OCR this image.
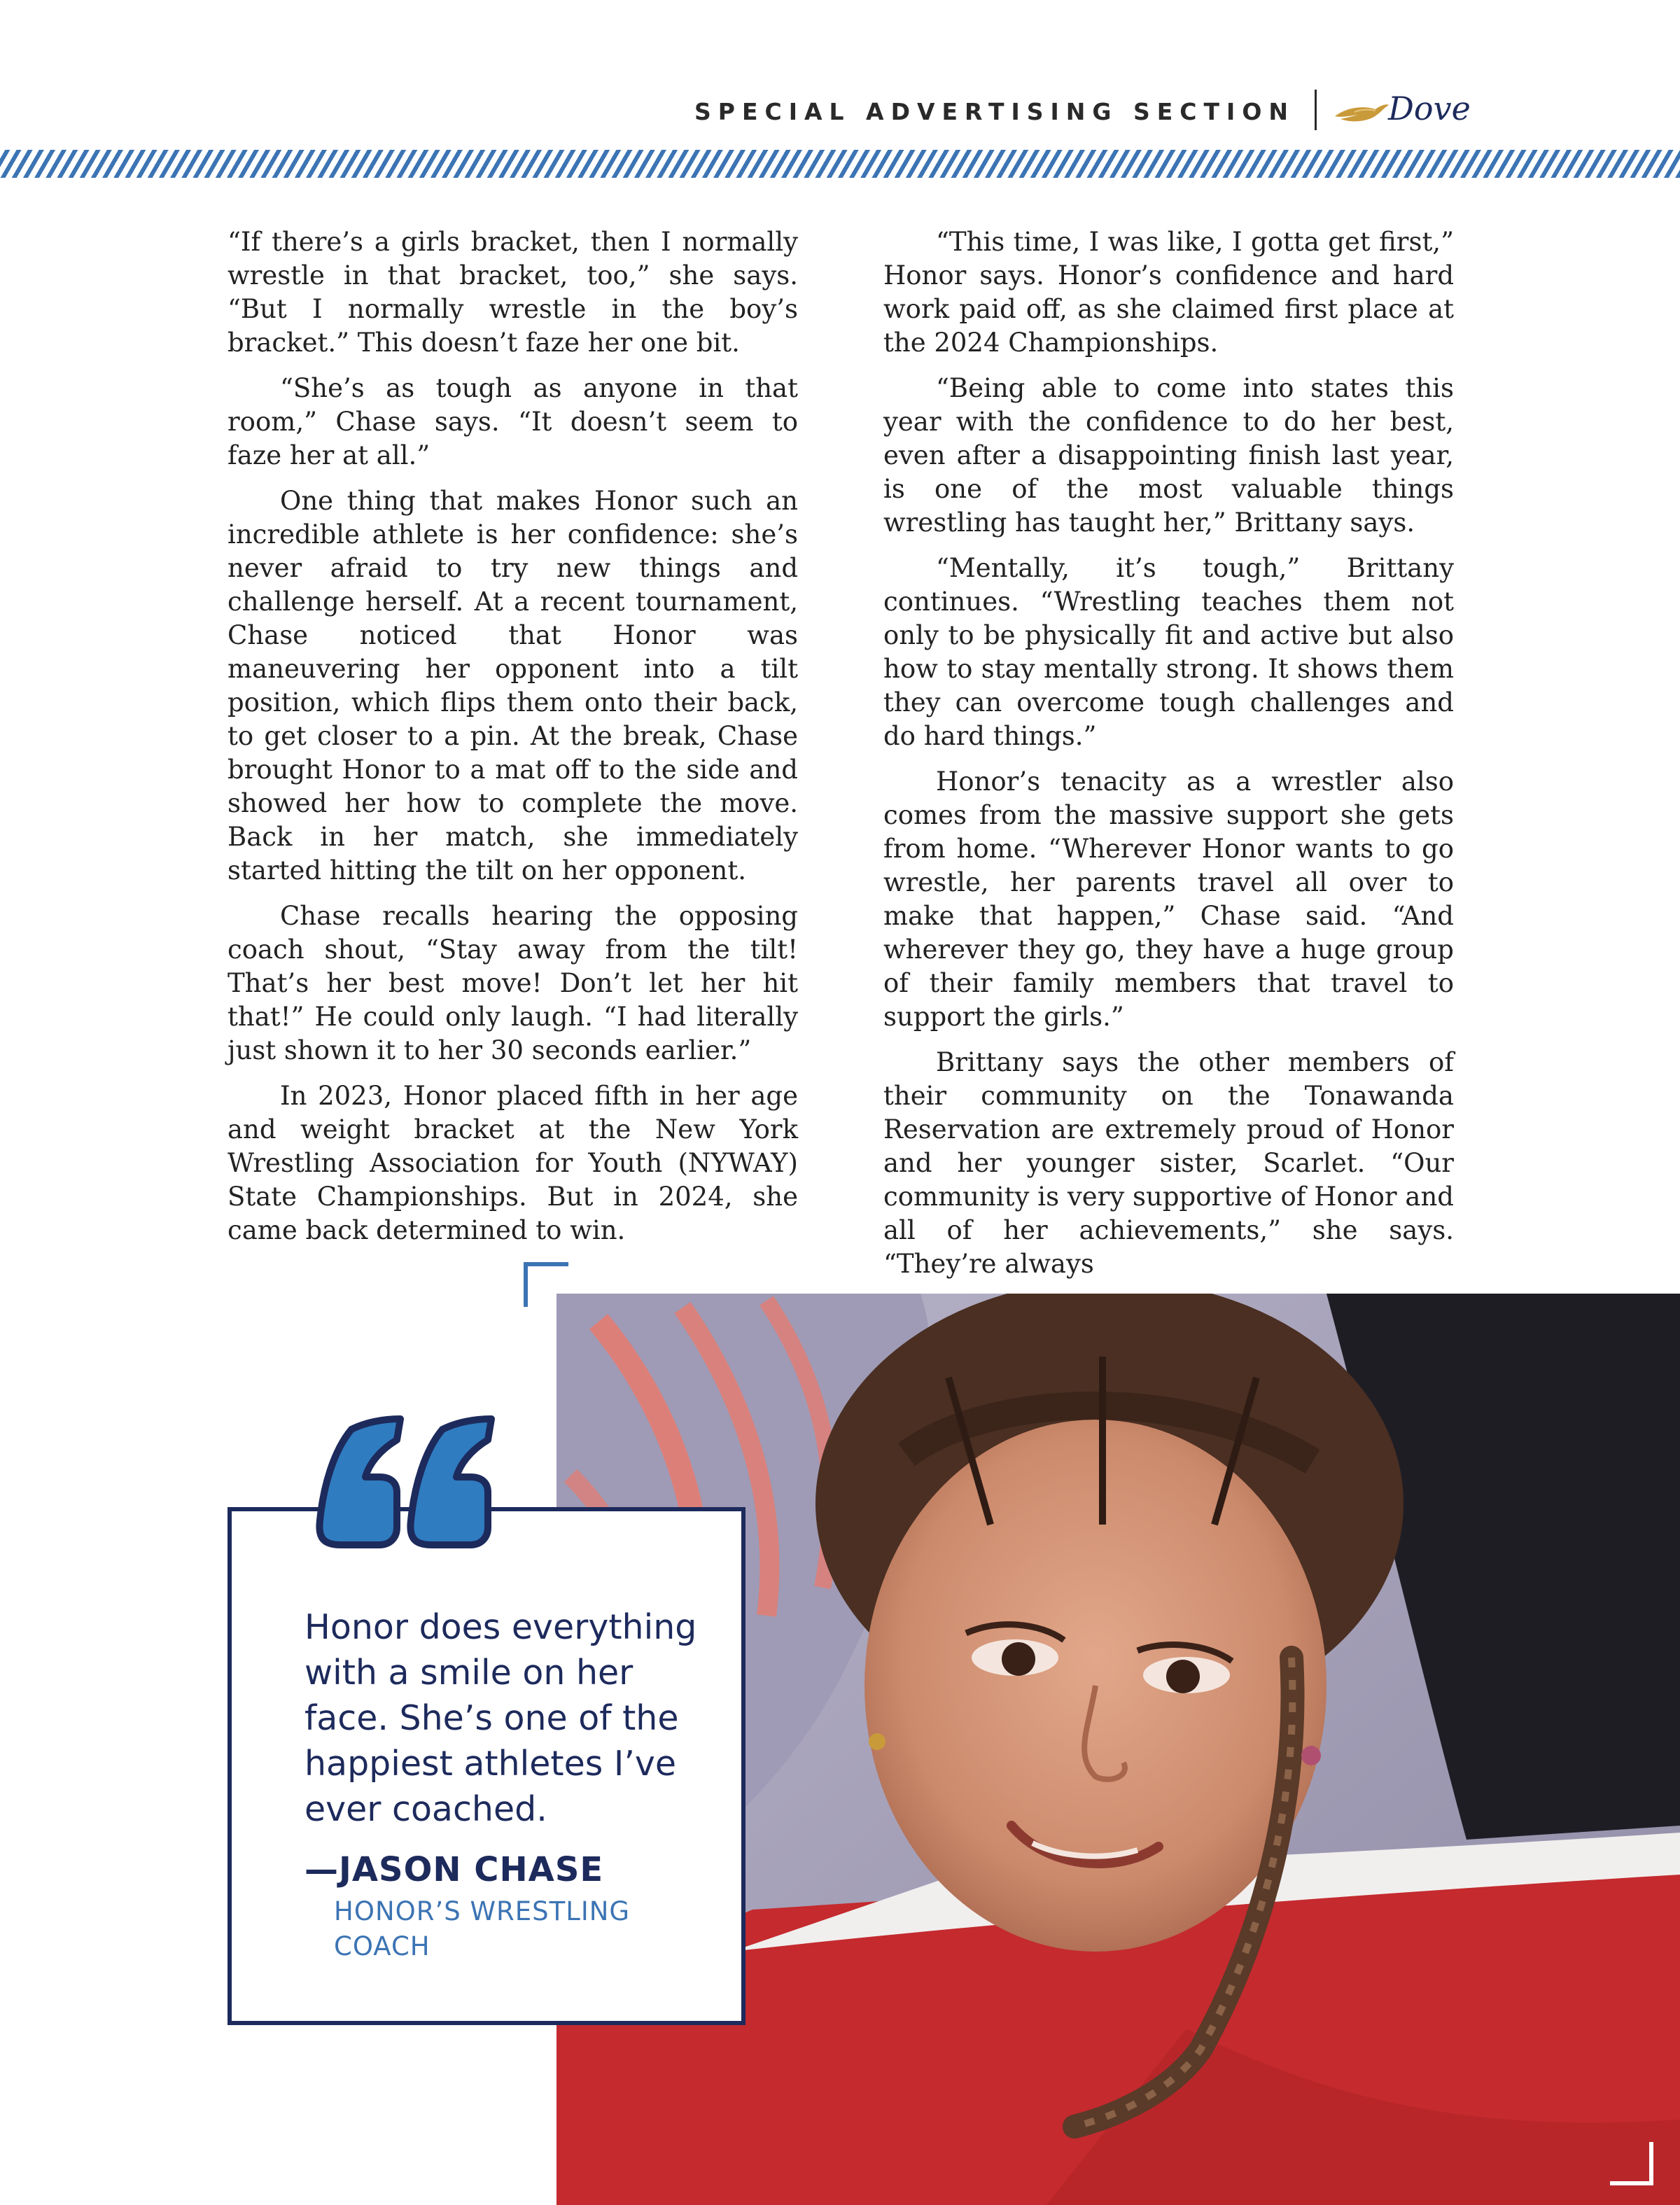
SPECIAL ADVERTISING SECTION	Dove

“If there’s a girls bracket, then I normally wrestle in that bracket, too,” she says. “But I normally wrestle in the boy’s bracket.” This doesn’t faze her one bit.

“She’s as tough as anyone in that room,” Chase says. “It doesn’t seem to faze her at all.”

One thing that makes Honor such an incredible athlete is her confidence: she’s never afraid to try new things and challenge herself. At a recent tournament, Chase noticed that Honor was maneuvering her opponent into a tilt position, which flips them onto their back, to get closer to a pin. At the break, Chase brought Honor to a mat off to the side and showed her how to complete the move. Back in her match, she immediately started hitting the tilt on her opponent.

Chase recalls hearing the opposing coach shout, “Stay away from the tilt! That’s her best move! Don’t let her hit that!” He could only laugh. “I had literally just shown it to her 30 seconds earlier.”

In 2023, Honor placed fifth in her age and weight bracket at the New York Wrestling Association for Youth (NYWAY) State Championships. But in 2024, she came back determined to win.

“This time, I was like, I gotta get first,” Honor says. Honor’s confidence and hard work paid off, as she claimed first place at the 2024 Championships.

“Being able to come into states this year with the confidence to do her best, even after a disappointing finish last year, is one of the most valuable things wrestling has taught her,” Brittany says.

“Mentally, it’s tough,” Brittany continues. “Wrestling teaches them not only to be physically fit and active but also how to stay mentally strong. It shows them they can overcome tough challenges and do hard things.”

Honor’s tenacity as a wrestler also comes from the massive support she gets from home. “Wherever Honor wants to go wrestle, her parents travel all over to make that happen,” Chase said. “And wherever they go, they have a huge group of their family members that travel to support the girls.”

Brittany says the other members of their community on the Tonawanda Reservation are extremely proud of Honor and her younger sister, Scarlet. “Our community is very supportive of Honor and all of her achievements,” she says. “They’re always

Honor does everything with a smile on her face. She’s one of the happiest athletes I’ve ever coached.
—JASON CHASE
HONOR’S WRESTLING COACH
